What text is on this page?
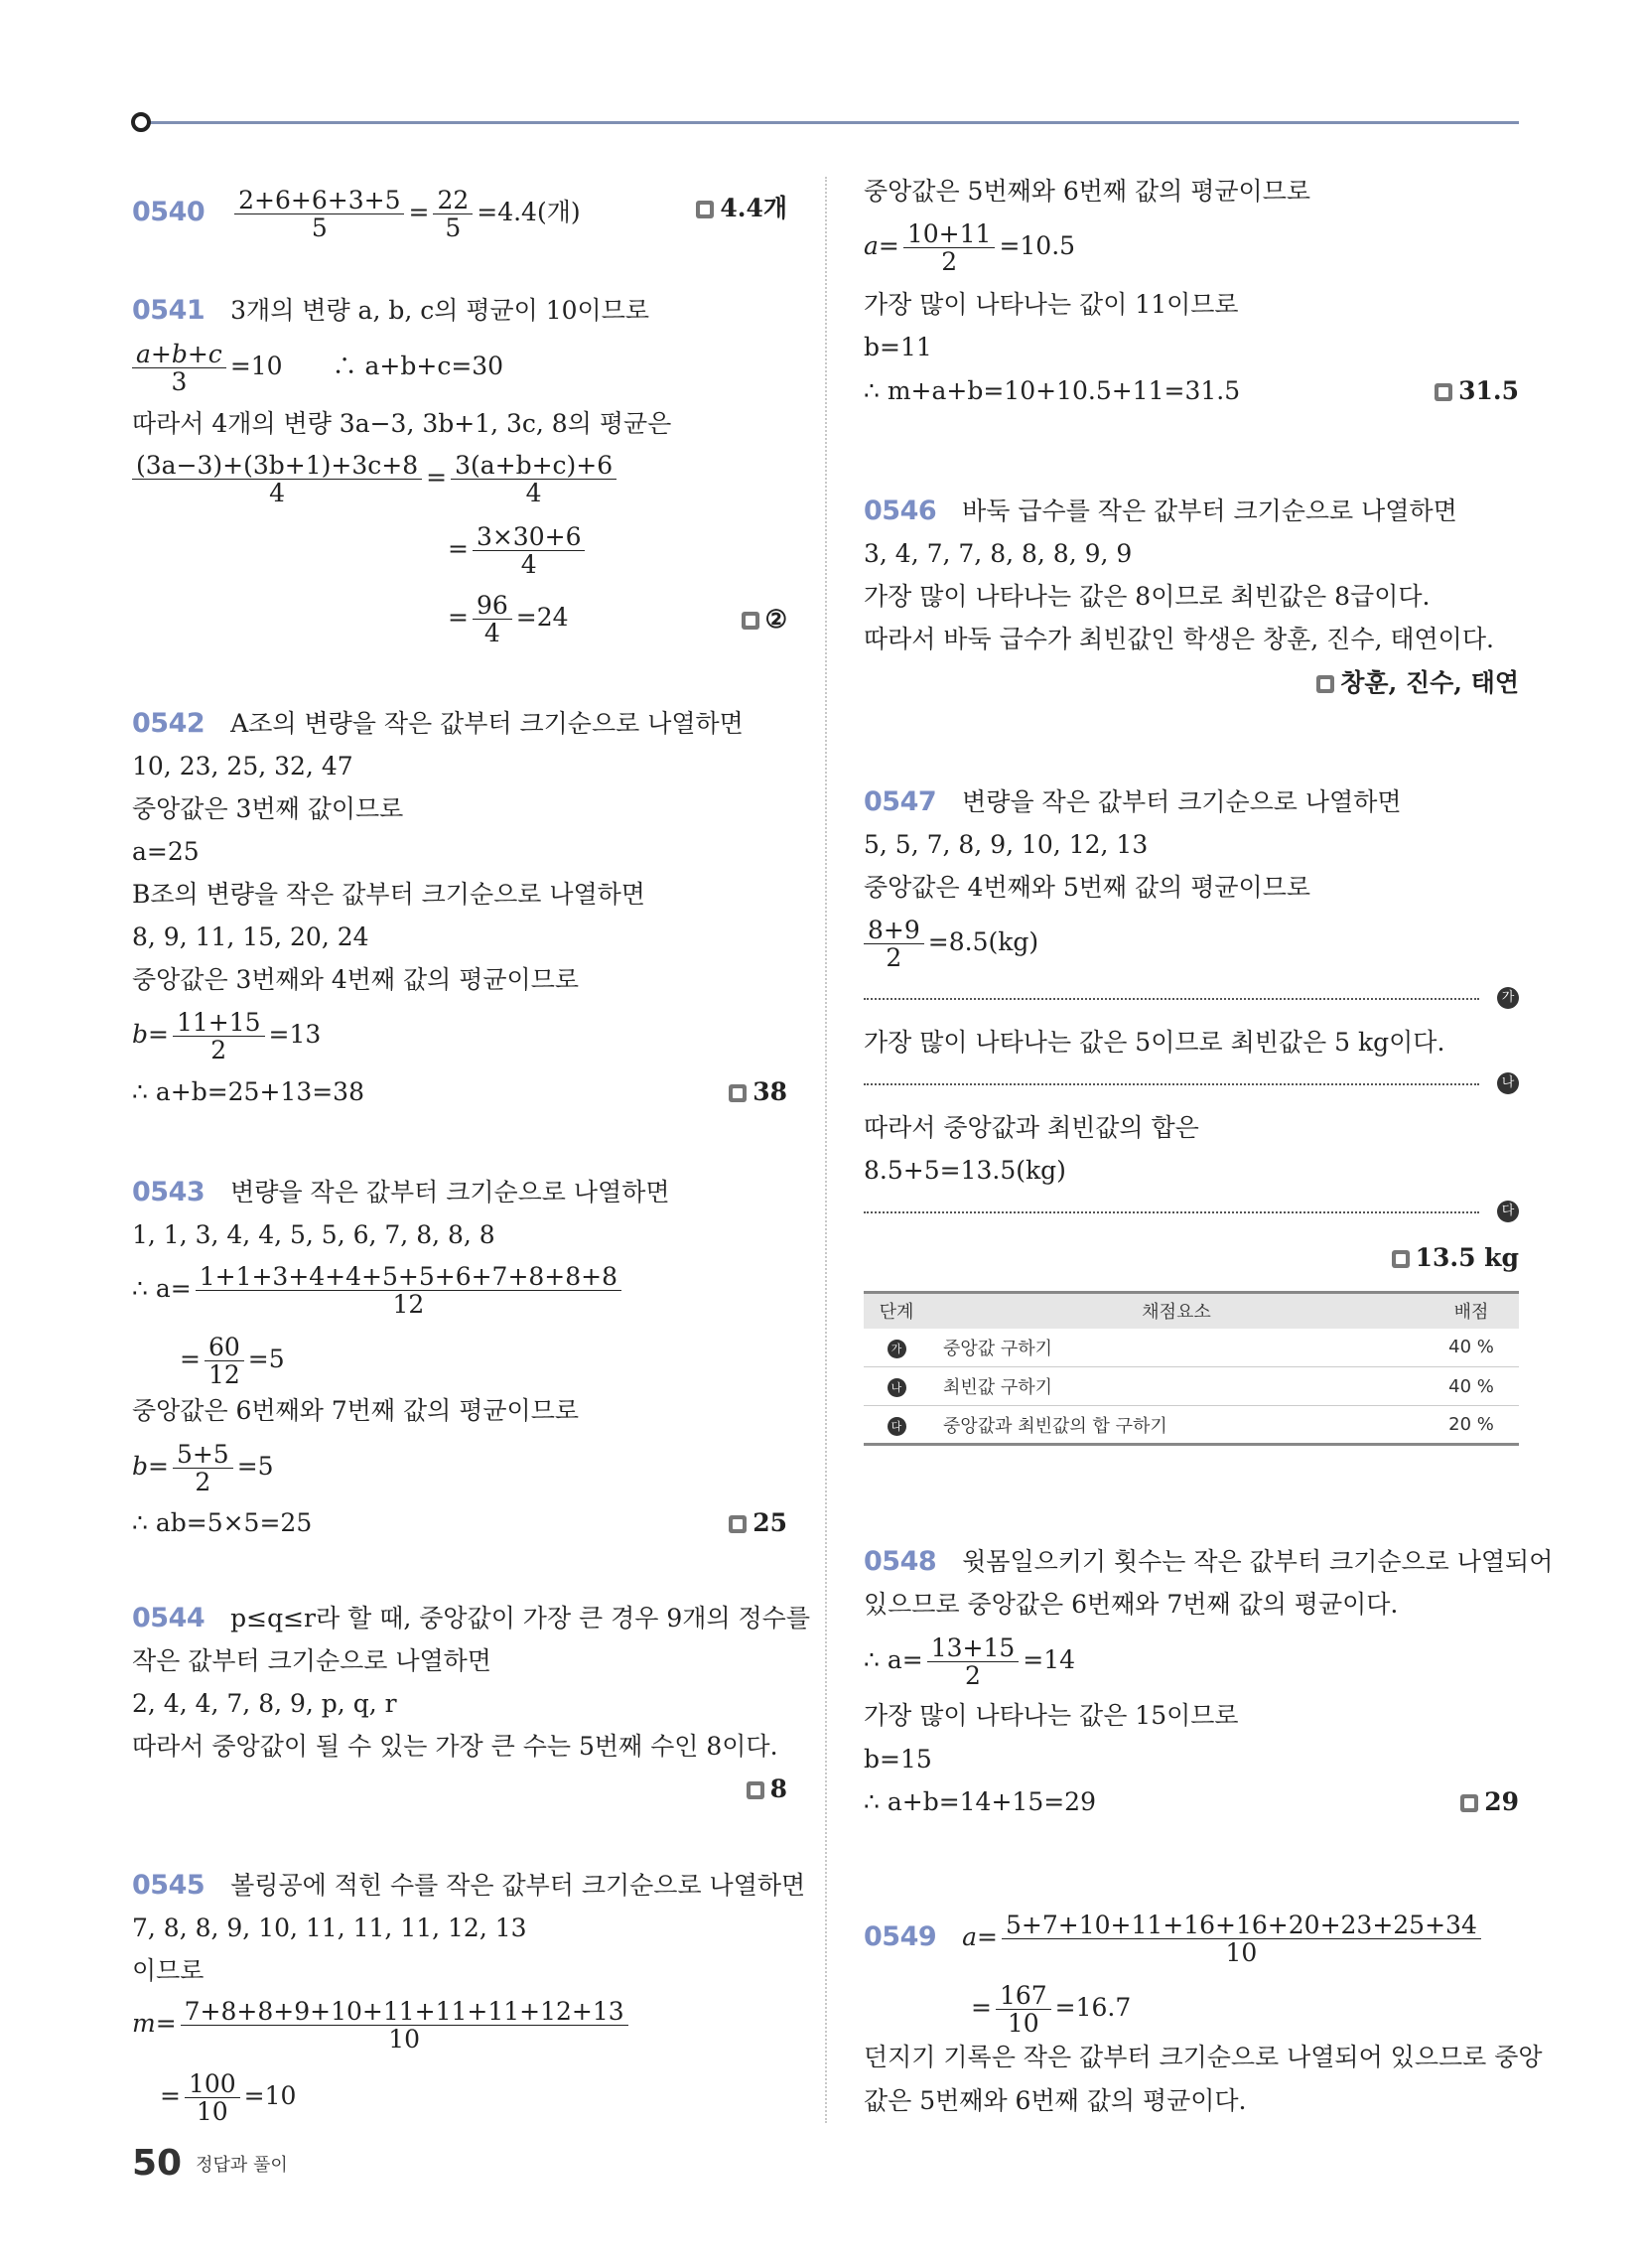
$0540 \frac{2+6+6+3+5}{5} = \frac{22}{5} =4.4$(개)	4.4개
0541 3개의 변량 a, b, c의 평균이 10이므로
$\frac{a+b+c}{3} =10$　　∴ a+b+c=30
따라서 4개의 변량 3a−3, 3b+1, 3c, 8의 평균은
$\frac{(3a-3)+(3b+1)+3c+8}{4} = \frac{3(a+b+c)+6}{4}$
= $\frac{3\times 30+6}{4}$
= $\frac{96}{4} =24$	②
0542 A조의 변량을 작은 값부터 크기순으로 나열하면
10, 23, 25, 32, 47
중앙값은 3번째 값이므로
a=25
B조의 변량을 작은 값부터 크기순으로 나열하면
8, 9, 11, 15, 20, 24
중앙값은 3번째와 4번째 값의 평균이므로
$b= \frac{11+15}{2} =13$
∴ a+b=25+13=38	38
0543 변량을 작은 값부터 크기순으로 나열하면
1, 1, 3, 4, 4, 5, 5, 6, 7, 8, 8, 8
∴ $a= \frac{1+1+3+4+4+5+5+6+7+8+8+8}{12}$
= $\frac{60}{12} =5$
중앙값은 6번째와 7번째 값의 평균이므로
$b= \frac{5+5}{2} =5$
∴ ab=5×5=25	25
0544 p≤q≤r라 할 때, 중앙값이 가장 큰 경우 9개의 정수를
작은 값부터 크기순으로 나열하면
2, 4, 4, 7, 8, 9, p, q, r
따라서 중앙값이 될 수 있는 가장 큰 수는 5번째 수인 8이다.
8
0545 볼링공에 적힌 수를 작은 값부터 크기순으로 나열하면
7, 8, 8, 9, 10, 11, 11, 11, 12, 13
이므로
$m= \frac{7+8+8+9+10+11+11+11+12+13}{10}$
= $\frac{100}{10} =10$
중앙값은 5번째와 6번째 값의 평균이므로
$a= \frac{10+11}{2} =10.5$
가장 많이 나타나는 값이 11이므로
b=11
∴ m+a+b=10+10.5+11=31.5	31.5
0546 바둑 급수를 작은 값부터 크기순으로 나열하면
3, 4, 7, 7, 8, 8, 8, 9, 9
가장 많이 나타나는 값은 8이므로 최빈값은 8급이다.
따라서 바둑 급수가 최빈값인 학생은 창훈, 진수, 태연이다.
창훈, 진수, 태연
0547 변량을 작은 값부터 크기순으로 나열하면
5, 5, 7, 8, 9, 10, 12, 13
중앙값은 4번째와 5번째 값의 평균이므로
$\frac{8+9}{2} =8.5(kg)$
가
가장 많이 나타나는 값은 5이므로 최빈값은 5 kg이다.
나
따라서 중앙값과 최빈값의 합은
8.5+5=13.5(kg)
다
13.5 kg
단계	채점요소	배점
가	중앙값 구하기	40 %
나	최빈값 구하기	40 %
다	중앙값과 최빈값의 합 구하기	20 %
0548 윗몸일으키기 횟수는 작은 값부터 크기순으로 나열되어
있으므로 중앙값은 6번째와 7번째 값의 평균이다.
∴ $a= \frac{13+15}{2} =14$
가장 많이 나타나는 값은 15이므로
b=15
∴ a+b=14+15=29	29
0549 $a= \frac{5+7+10+11+16+16+20+23+25+34}{10}$
= $\frac{167}{10} =16.7$
던지기 기록은 작은 값부터 크기순으로 나열되어 있으므로 중앙
값은 5번째와 6번째 값의 평균이다.
50 정답과 풀이
